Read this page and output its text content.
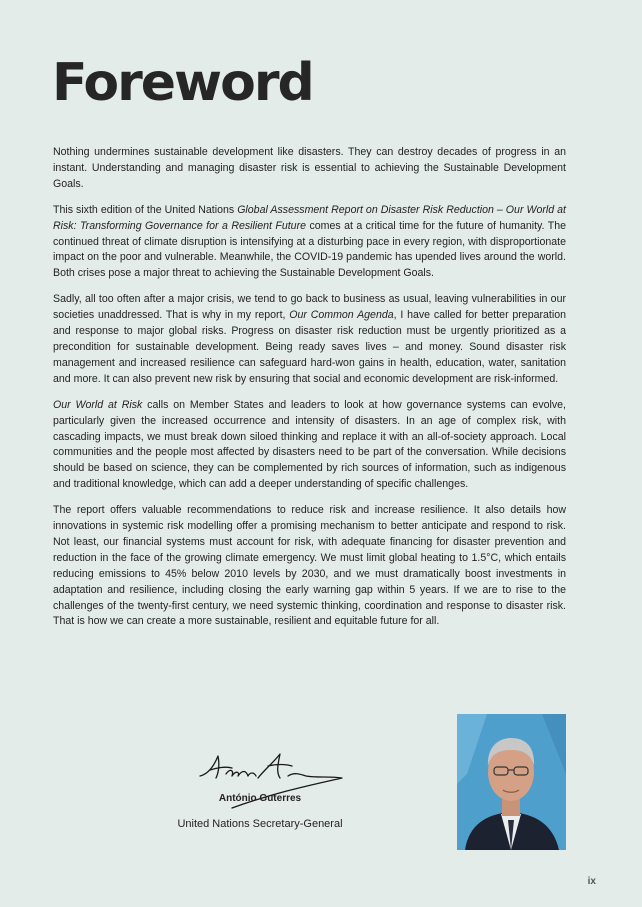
Foreword

Nothing undermines sustainable development like disasters. They can destroy decades of progress in an instant. Understanding and managing disaster risk is essential to achieving the Sustainable Development Goals.

This sixth edition of the United Nations Global Assessment Report on Disaster Risk Reduction – Our World at Risk: Transforming Governance for a Resilient Future comes at a critical time for the future of humanity. The continued threat of climate disruption is intensifying at a disturbing pace in every region, with disproportionate impact on the poor and vulnerable. Meanwhile, the COVID-19 pandemic has upended lives around the world. Both crises pose a major threat to achieving the Sustainable Development Goals.

Sadly, all too often after a major crisis, we tend to go back to business as usual, leaving vulnerabilities in our societies unaddressed. That is why in my report, Our Common Agenda, I have called for better preparation and response to major global risks. Progress on disaster risk reduction must be urgently prioritized as a precondition for sustainable development. Being ready saves lives – and money. Sound disaster risk management and increased resilience can safeguard hard-won gains in health, education, water, sanitation and more. It can also prevent new risk by ensuring that social and economic development are risk-informed.

Our World at Risk calls on Member States and leaders to look at how governance systems can evolve, particularly given the increased occurrence and intensity of disasters. In an age of complex risk, with cascading impacts, we must break down siloed thinking and replace it with an all-of-society approach. Local communities and the people most affected by disasters need to be part of the conversation. While decisions should be based on science, they can be complemented by rich sources of information, such as indigenous and traditional knowledge, which can add a deeper understanding of specific challenges.

The report offers valuable recommendations to reduce risk and increase resilience. It also details how innovations in systemic risk modelling offer a promising mechanism to better anticipate and respond to risk. Not least, our financial systems must account for risk, with adequate financing for disaster prevention and reduction in the face of the growing climate emergency. We must limit global heating to 1.5°C, which entails reducing emissions to 45% below 2010 levels by 2030, and we must dramatically boost investments in adaptation and resilience, including closing the early warning gap within 5 years. If we are to rise to the challenges of the twenty-first century, we need systemic thinking, coordination and response to disaster risk. That is how we can create a more sustainable, resilient and equitable future for all.

António Guterres
United Nations Secretary-General
ix
